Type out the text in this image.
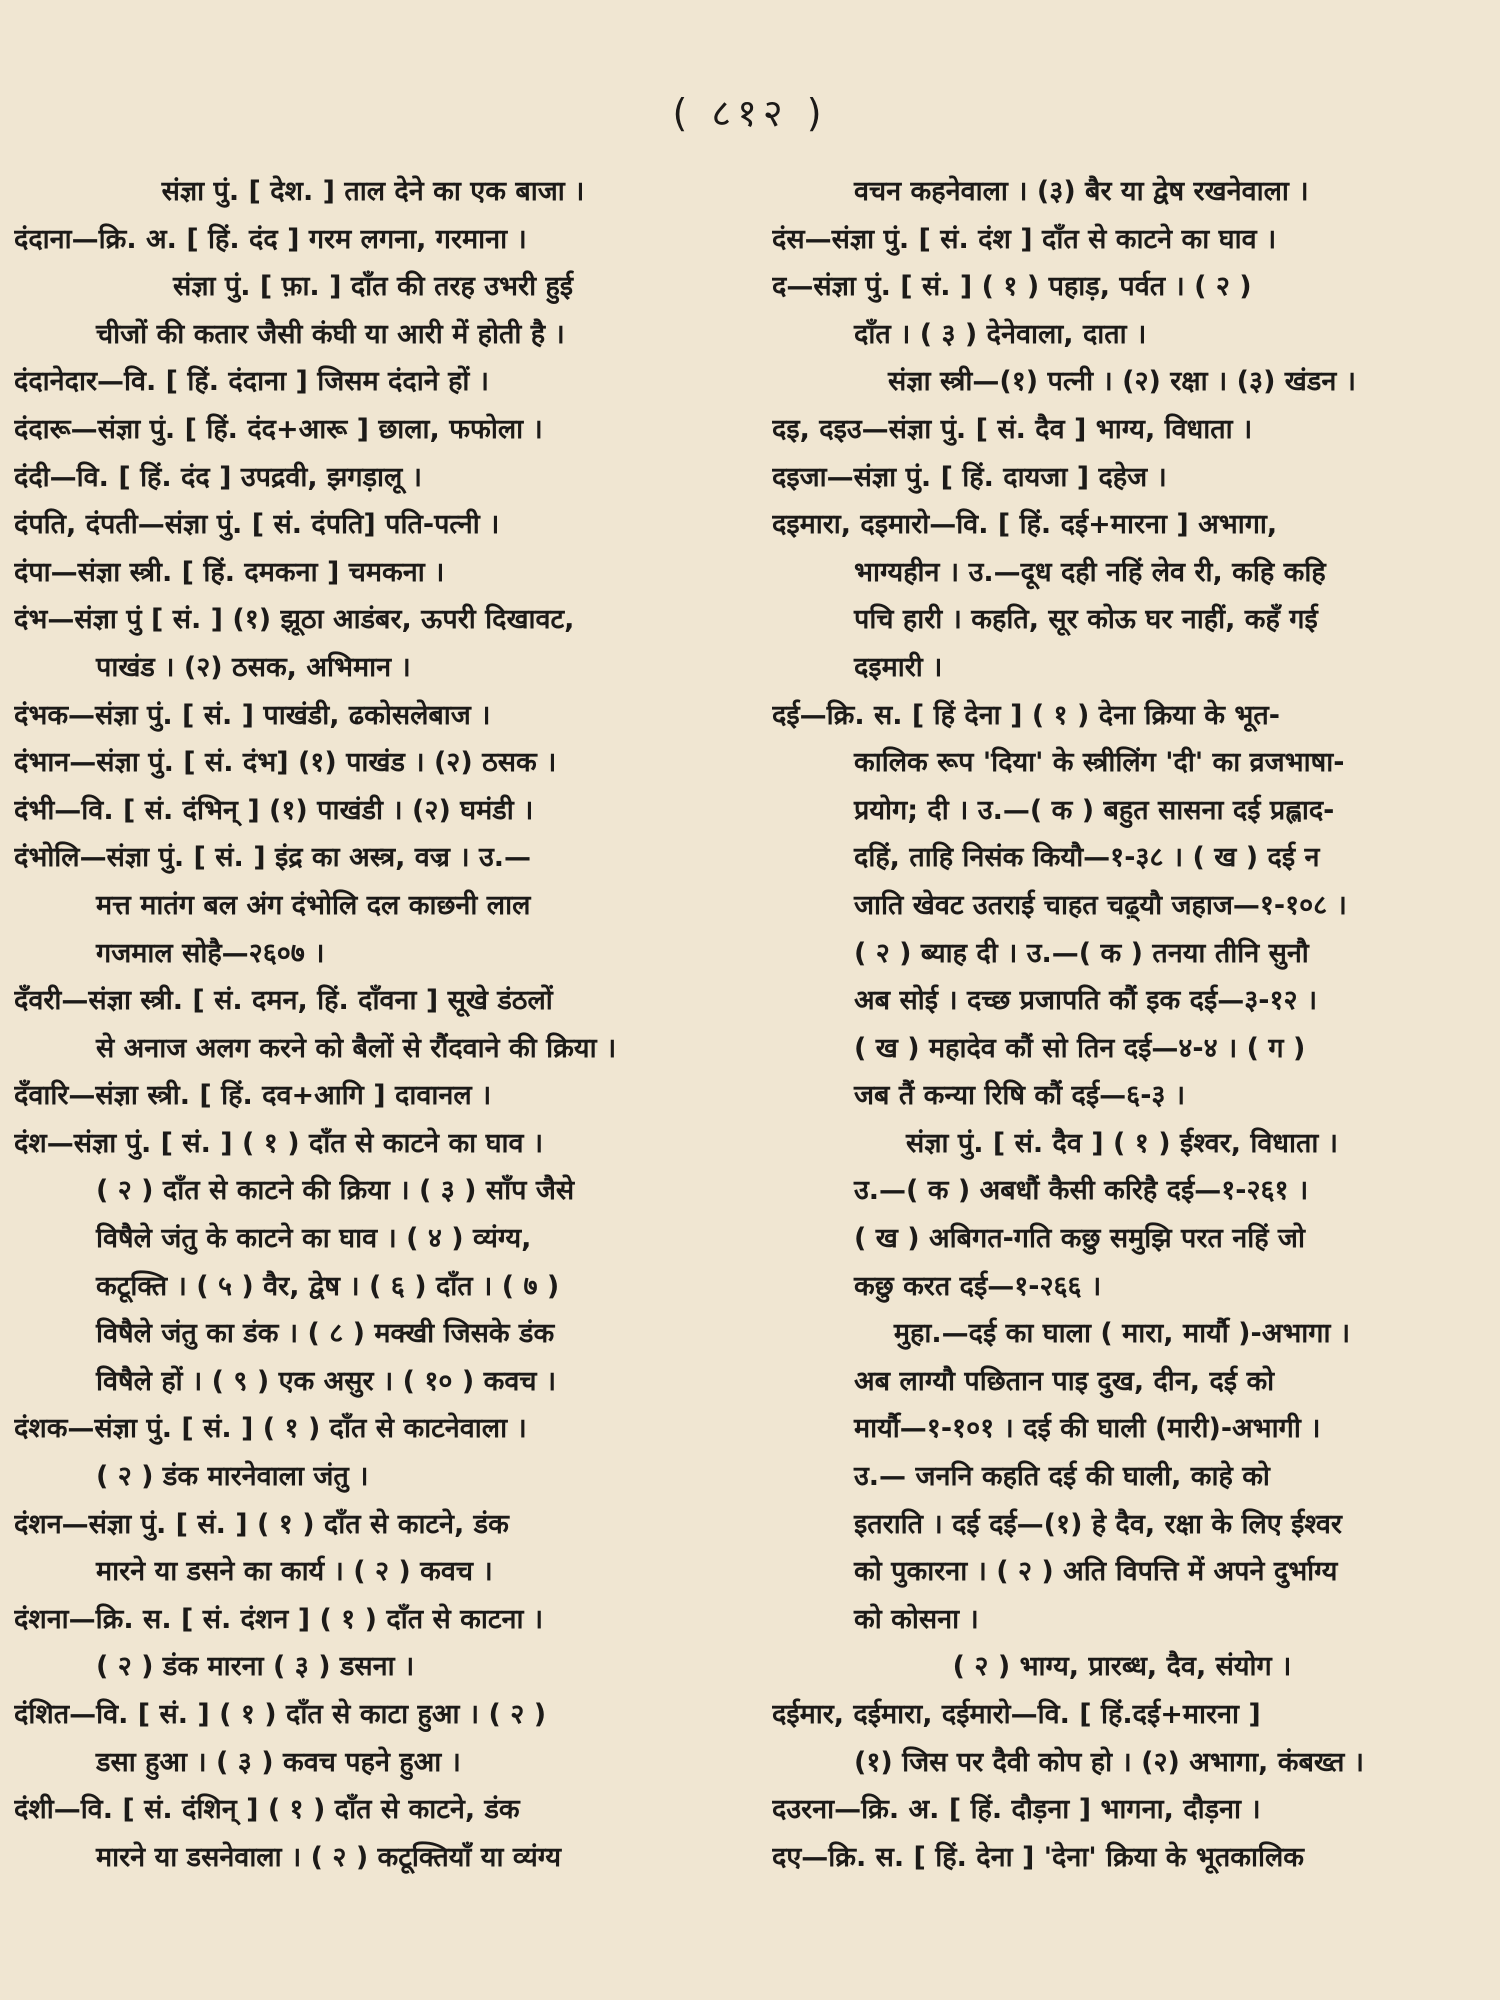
( ८१२ )
संज्ञा पुं. [ देश. ] ताल देने का एक बाजा ।
दंदाना—क्रि. अ. [ हिं. दंद ] गरम लगना, गरमाना ।
संज्ञा पुं. [ फ़ा. ] दाँत की तरह उभरी हुई
चीजों की कतार जैसी कंघी या आरी में होती है ।
दंदानेदार—वि. [ हिं. दंदाना ] जिसम दंदाने हों ।
दंदारू—संज्ञा पुं. [ हिं. दंद+आरू ] छाला, फफोला ।
दंदी—वि. [ हिं. दंद ] उपद्रवी, झगड़ालू ।
दंपति, दंपती—संज्ञा पुं. [ सं. दंपति] पति-पत्नी ।
दंपा—संज्ञा स्त्री. [ हिं. दमकना ] चमकना ।
दंभ—संज्ञा पुं [ सं. ] (१) झूठा आडंबर, ऊपरी दिखावट,
पाखंड । (२) ठसक, अभिमान ।
दंभक—संज्ञा पुं. [ सं. ] पाखंडी, ढकोसलेबाज ।
दंभान—संज्ञा पुं. [ सं. दंभ] (१) पाखंड । (२) ठसक ।
दंभी—वि. [ सं. दंभिन् ] (१) पाखंडी । (२) घमंडी ।
दंभोलि—संज्ञा पुं. [ सं. ] इंद्र का अस्त्र, वज्र । उ.—
मत्त मातंग बल अंग दंभोलि दल काछनी लाल
गजमाल सोहै—२६०७ ।
दँवरी—संज्ञा स्त्री. [ सं. दमन, हिं. दाँवना ] सूखे डंठलों
से अनाज अलग करने को बैलों से रौंदवाने की क्रिया ।
दँवारि—संज्ञा स्त्री. [ हिं. दव+आगि ] दावानल ।
दंश—संज्ञा पुं. [ सं. ] ( १ ) दाँत से काटने का घाव ।
( २ ) दाँत से काटने की क्रिया । ( ३ ) साँप जैसे
विषैले जंतु के काटने का घाव । ( ४ ) व्यंग्य,
कटूक्ति । ( ५ ) वैर, द्वेष । ( ६ ) दाँत । ( ७ )
विषैले जंतु का डंक । ( ८ ) मक्खी जिसके डंक
विषैले हों । ( ९ ) एक असुर । ( १० ) कवच ।
दंशक—संज्ञा पुं. [ सं. ] ( १ ) दाँत से काटनेवाला ।
( २ ) डंक मारनेवाला जंतु ।
दंशन—संज्ञा पुं. [ सं. ] ( १ ) दाँत से काटने, डंक
मारने या डसने का कार्य । ( २ ) कवच ।
दंशना—क्रि. स. [ सं. दंशन ] ( १ ) दाँत से काटना ।
( २ ) डंक मारना ( ३ ) डसना ।
दंशित—वि. [ सं. ] ( १ ) दाँत से काटा हुआ । ( २ )
डसा हुआ । ( ३ ) कवच पहने हुआ ।
दंशी—वि. [ सं. दंशिन् ] ( १ ) दाँत से काटने, डंक
मारने या डसनेवाला । ( २ ) कटूक्तियाँ या व्यंग्य
वचन कहनेवाला । (३) बैर या द्वेष रखनेवाला ।
दंस—संज्ञा पुं. [ सं. दंश ] दाँत से काटने का घाव ।
द—संज्ञा पुं. [ सं. ] ( १ ) पहाड़, पर्वत । ( २ )
दाँत । ( ३ ) देनेवाला, दाता ।
संज्ञा स्त्री—(१) पत्नी । (२) रक्षा । (३) खंडन ।
दइ, दइउ—संज्ञा पुं. [ सं. दैव ] भाग्य, विधाता ।
दइजा—संज्ञा पुं. [ हिं. दायजा ] दहेज ।
दइमारा, दइमारो—वि. [ हिं. दई+मारना ] अभागा,
भाग्यहीन । उ.—दूध दही नहिं लेव री, कहि कहि
पचि हारी । कहति, सूर कोऊ घर नाहीं, कहँ गई
दइमारी ।
दई—क्रि. स. [ हिं देना ] ( १ ) देना क्रिया के भूत-
कालिक रूप 'दिया' के स्त्रीलिंग 'दी' का व्रजभाषा-
प्रयोग; दी । उ.—( क ) बहुत सासना दई प्रह्लाद-
दहिं, ताहि निसंक कियौ—१-३८ । ( ख ) दई न
जाति खेवट उतराई चाहत चढ़्यौ जहाज—१-१०८ ।
( २ ) ब्याह दी । उ.—( क ) तनया तीनि सुनौ
अब सोई । दच्छ प्रजापति कौं इक दई—३-१२ ।
( ख ) महादेव कौं सो तिन दई—४-४ । ( ग )
जब तैं कन्या रिषि कौं दई—६-३ ।
संज्ञा पुं. [ सं. दैव ] ( १ ) ईश्वर, विधाता ।
उ.—( क ) अबधौं कैसी करिहै दई—१-२६१ ।
( ख ) अबिगत-गति कछु समुझि परत नहिं जो
कछु करत दई—१-२६६ ।
मुहा.—दई का घाला ( मारा, मार्यौ )-अभागा ।
अब लाग्यौ पछितान पाइ दुख, दीन, दई को
मार्यौ—१-१०१ । दई की घाली (मारी)-अभागी ।
उ.— जननि कहति दई की घाली, काहे को
इतराति । दई दई—(१) हे दैव, रक्षा के लिए ईश्वर
को पुकारना । ( २ ) अति विपत्ति में अपने दुर्भाग्य
को कोसना ।
( २ ) भाग्य, प्रारब्ध, दैव, संयोग ।
दईमार, दईमारा, दईमारो—वि. [ हिं.दई+मारना ]
(१) जिस पर दैवी कोप हो । (२) अभागा, कंबख्त ।
दउरना—क्रि. अ. [ हिं. दौड़ना ] भागना, दौड़ना ।
दए—क्रि. स. [ हिं. देना ] 'देना' क्रिया के भूतकालिक
